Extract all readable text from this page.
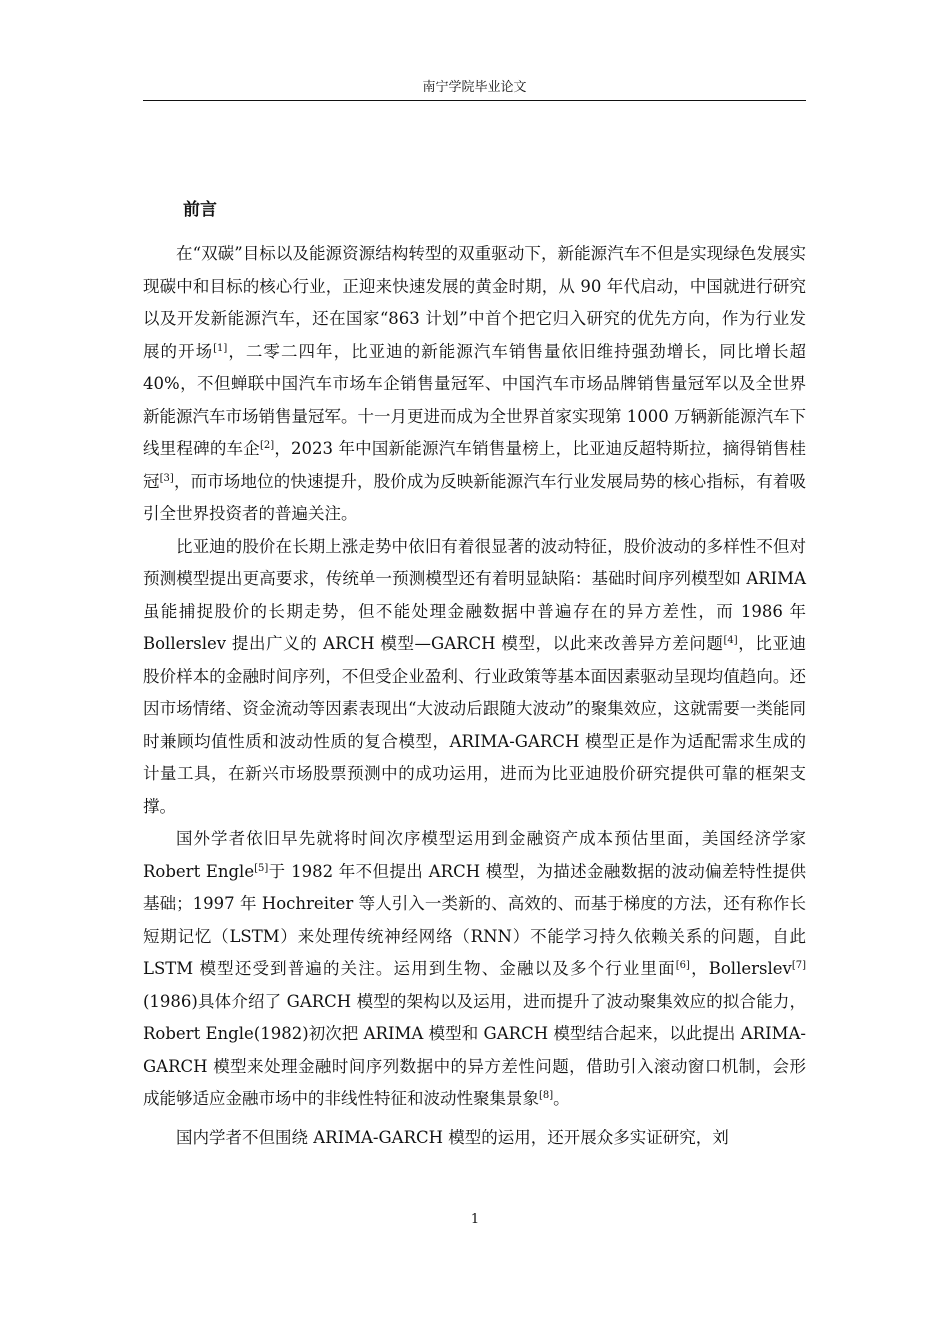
南宁学院毕业论文
前言

在“双碳”目标以及能源资源结构转型的双重驱动下，新能源汽车不但是实现绿色发展实现碳中和目标的核心行业，正迎来快速发展的黄金时期，从 90 年代启动，中国就进行研究以及开发新能源汽车，还在国家“863 计划”中首个把它归入研究的优先方向，作为行业发展的开场[1]，二零二四年，比亚迪的新能源汽车销售量依旧维持强劲增长，同比增长超 40%，不但蝉联中国汽车市场车企销售量冠军、中国汽车市场品牌销售量冠军以及全世界新能源汽车市场销售量冠军。十一月更进而成为全世界首家实现第 1000 万辆新能源汽车下线里程碑的车企[2]，2023 年中国新能源汽车销售量榜上，比亚迪反超特斯拉，摘得销售桂冠[3]，而市场地位的快速提升，股价成为反映新能源汽车行业发展局势的核心指标，有着吸引全世界投资者的普遍关注。

比亚迪的股价在长期上涨走势中依旧有着很显著的波动特征，股价波动的多样性不但对预测模型提出更高要求，传统单一预测模型还有着明显缺陷：基础时间序列模型如 ARIMA 虽能捕捉股价的长期走势，但不能处理金融数据中普遍存在的异方差性，而 1986 年 Bollerslev 提出广义的 ARCH 模型—GARCH 模型，以此来改善异方差问题[4]，比亚迪股价样本的金融时间序列，不但受企业盈利、行业政策等基本面因素驱动呈现均值趋向。还因市场情绪、资金流动等因素表现出“大波动后跟随大波动”的聚集效应，这就需要一类能同时兼顾均值性质和波动性质的复合模型，ARIMA-GARCH 模型正是作为适配需求生成的计量工具，在新兴市场股票预测中的成功运用，进而为比亚迪股价研究提供可靠的框架支撑。

国外学者依旧早先就将时间次序模型运用到金融资产成本预估里面，美国经济学家 Robert Engle[5]于 1982 年不但提出 ARCH 模型，为描述金融数据的波动偏差特性提供基础；1997 年 Hochreiter 等人引入一类新的、高效的、而基于梯度的方法，还有称作长短期记忆（LSTM）来处理传统神经网络（RNN）不能学习持久依赖关系的问题，自此 LSTM 模型还受到普遍的关注。运用到生物、金融以及多个行业里面[6]，Bollerslev[7] (1986)具体介绍了 GARCH 模型的架构以及运用，进而提升了波动聚集效应的拟合能力，Robert Engle(1982)初次把 ARIMA 模型和 GARCH 模型结合起来，以此提出 ARIMA-GARCH 模型来处理金融时间序列数据中的异方差性问题，借助引入滚动窗口机制，会形成能够适应金融市场中的非线性特征和波动性聚集景象[8]。

国内学者不但围绕 ARIMA-GARCH 模型的运用，还开展众多实证研究，刘

1
